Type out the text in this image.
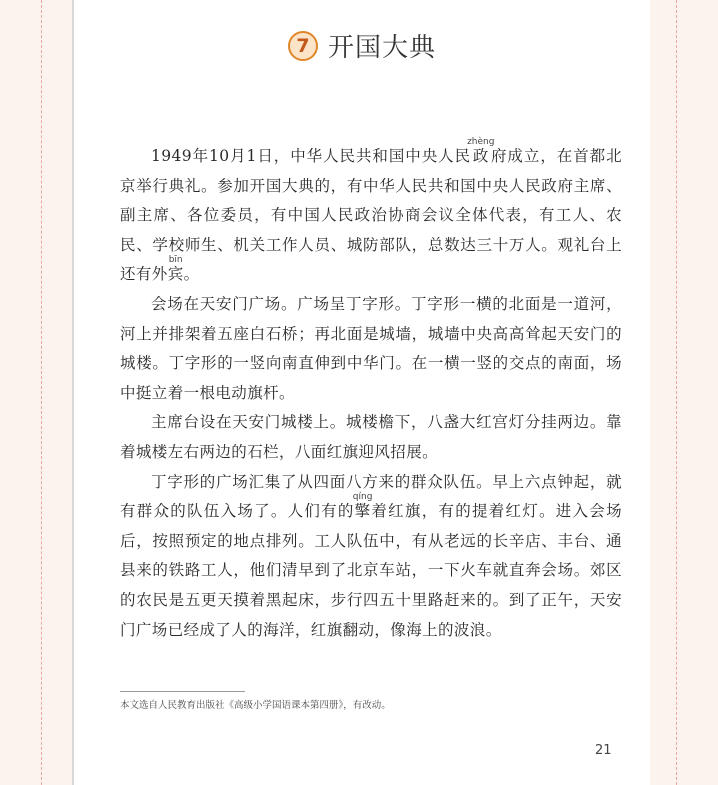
7 开国大典

1949年10月1日，中华人民共和国中央人民政zhèng府成立，在首都北京举行典礼。参加开国大典的，有中华人民共和国中央人民政府主席、副主席、各位委员，有中国人民政治协商会议全体代表，有工人、农民、学校师生、机关工作人员、城防部队，总数达三十万人。观礼台上还有外宾bīn。

会场在天安门广场。广场呈丁字形。丁字形一横的北面是一道河，河上并排架着五座白石桥；再北面是城墙，城墙中央高高耸起天安门的城楼。丁字形的一竖向南直伸到中华门。在一横一竖的交点的南面，场中挺立着一根电动旗杆。

主席台设在天安门城楼上。城楼檐下，八盏大红宫灯分挂两边。靠着城楼左右两边的石栏，八面红旗迎风招展。

丁字形的广场汇集了从四面八方来的群众队伍。早上六点钟起，就有群众的队伍入场了。人们有的擎qíng着红旗，有的提着红灯。进入会场后，按照预定的地点排列。工人队伍中，有从老远的长辛店、丰台、通县来的铁路工人，他们清早到了北京车站，一下火车就直奔会场。郊区的农民是五更天摸着黑起床，步行四五十里路赶来的。到了正午，天安门广场已经成了人的海洋，红旗翻动，像海上的波浪。

本文选自人民教育出版社《高级小学国语课本第四册》，有改动。
21
